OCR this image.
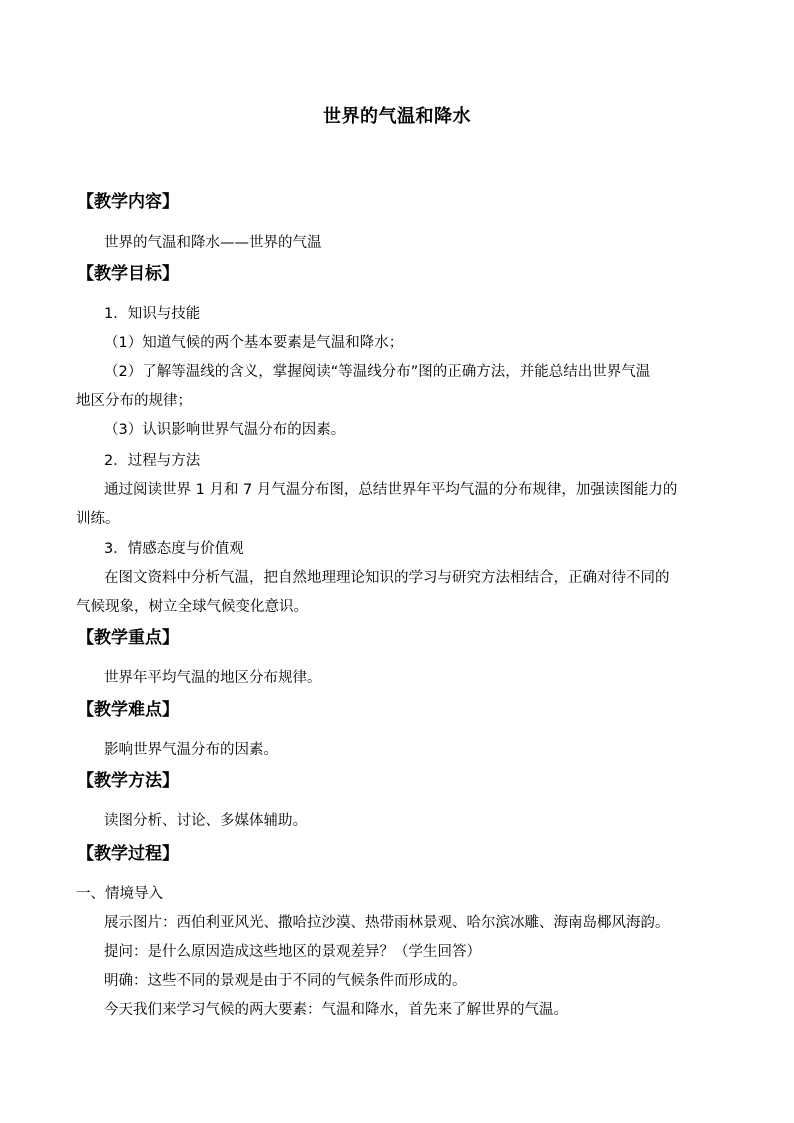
世界的气温和降水
【教学内容】
世界的气温和降水——世界的气温
【教学目标】
1．知识与技能
（1）知道气候的两个基本要素是气温和降水；
（2）了解等温线的含义，掌握阅读“等温线分布”图的正确方法，并能总结出世界气温
地区分布的规律；
（3）认识影响世界气温分布的因素。
2．过程与方法
通过阅读世界 1 月和 7 月气温分布图，总结世界年平均气温的分布规律，加强读图能力的
训练。
3．情感态度与价值观
在图文资料中分析气温，把自然地理理论知识的学习与研究方法相结合，正确对待不同的
气候现象，树立全球气候变化意识。
【教学重点】
世界年平均气温的地区分布规律。
【教学难点】
影响世界气温分布的因素。
【教学方法】
读图分析、讨论、多媒体辅助。
【教学过程】
一、情境导入
展示图片：西伯利亚风光、撒哈拉沙漠、热带雨林景观、哈尔滨冰雕、海南岛椰风海韵。
提问：是什么原因造成这些地区的景观差异？（学生回答）
明确：这些不同的景观是由于不同的气候条件而形成的。
今天我们来学习气候的两大要素：气温和降水，首先来了解世界的气温。
